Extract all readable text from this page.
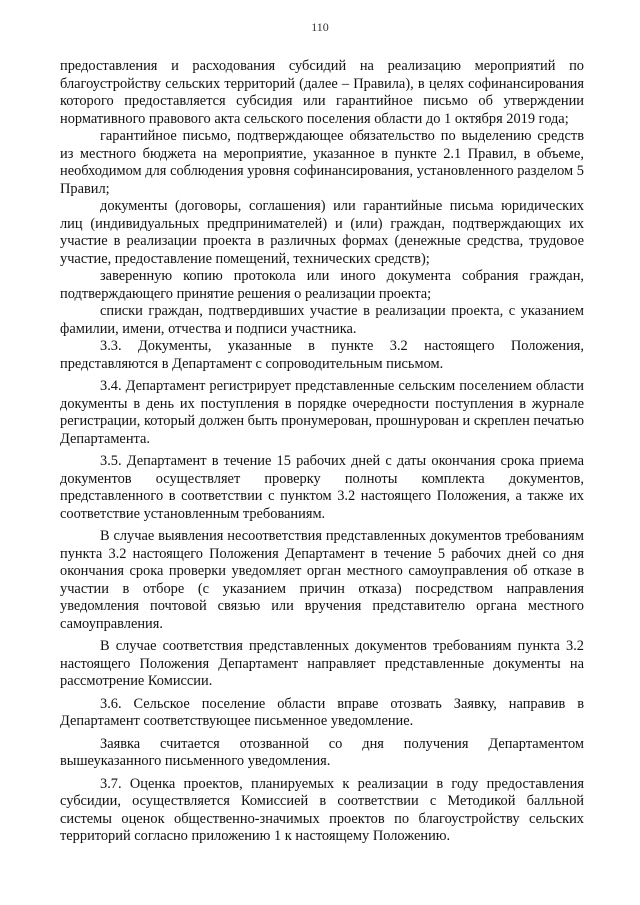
110

предоставления и расходования субсидий на реализацию мероприятий по благоустройству сельских территорий (далее – Правила), в целях софинансирования которого предоставляется субсидия или гарантийное письмо об утверждении нормативного правового акта сельского поселения области до 1 октября 2019 года;

гарантийное письмо, подтверждающее обязательство по выделению средств из местного бюджета на мероприятие, указанное в пункте 2.1 Правил, в объеме, необходимом для соблюдения уровня софинансирования, установленного разделом 5 Правил;

документы (договоры, соглашения) или гарантийные письма юридических лиц (индивидуальных предпринимателей) и (или) граждан, подтверждающих их участие в реализации проекта в различных формах (денежные средства, трудовое участие, предоставление помещений, технических средств);

заверенную копию протокола или иного документа собрания граждан, подтверждающего принятие решения о реализации проекта;

списки граждан, подтвердивших участие в реализации проекта, с указанием фамилии, имени, отчества и подписи участника.

3.3. Документы, указанные в пункте 3.2 настоящего Положения, представляются в Департамент с сопроводительным письмом.

3.4. Департамент регистрирует представленные сельским поселением области документы в день их поступления в порядке очередности поступления в журнале регистрации, который должен быть пронумерован, прошнурован и скреплен печатью Департамента.

3.5. Департамент в течение 15 рабочих дней с даты окончания срока приема документов осуществляет проверку полноты комплекта документов, представленного в соответствии с пунктом 3.2 настоящего Положения, а также их соответствие установленным требованиям.

В случае выявления несоответствия представленных документов требованиям пункта 3.2 настоящего Положения Департамент в течение 5 рабочих дней со дня окончания срока проверки уведомляет орган местного самоуправления об отказе в участии в отборе (с указанием причин отказа) посредством направления уведомления почтовой связью или вручения представителю органа местного самоуправления.

В случае соответствия представленных документов требованиям пункта 3.2 настоящего Положения Департамент направляет представленные документы на рассмотрение Комиссии.

3.6. Сельское поселение области вправе отозвать Заявку, направив в Департамент соответствующее письменное уведомление.

Заявка считается отозванной со дня получения Департаментом вышеуказанного письменного уведомления.

3.7. Оценка проектов, планируемых к реализации в году предоставления субсидии, осуществляется Комиссией в соответствии с Методикой балльной системы оценок общественно-значимых проектов по благоустройству сельских территорий согласно приложению 1 к настоящему Положению.
